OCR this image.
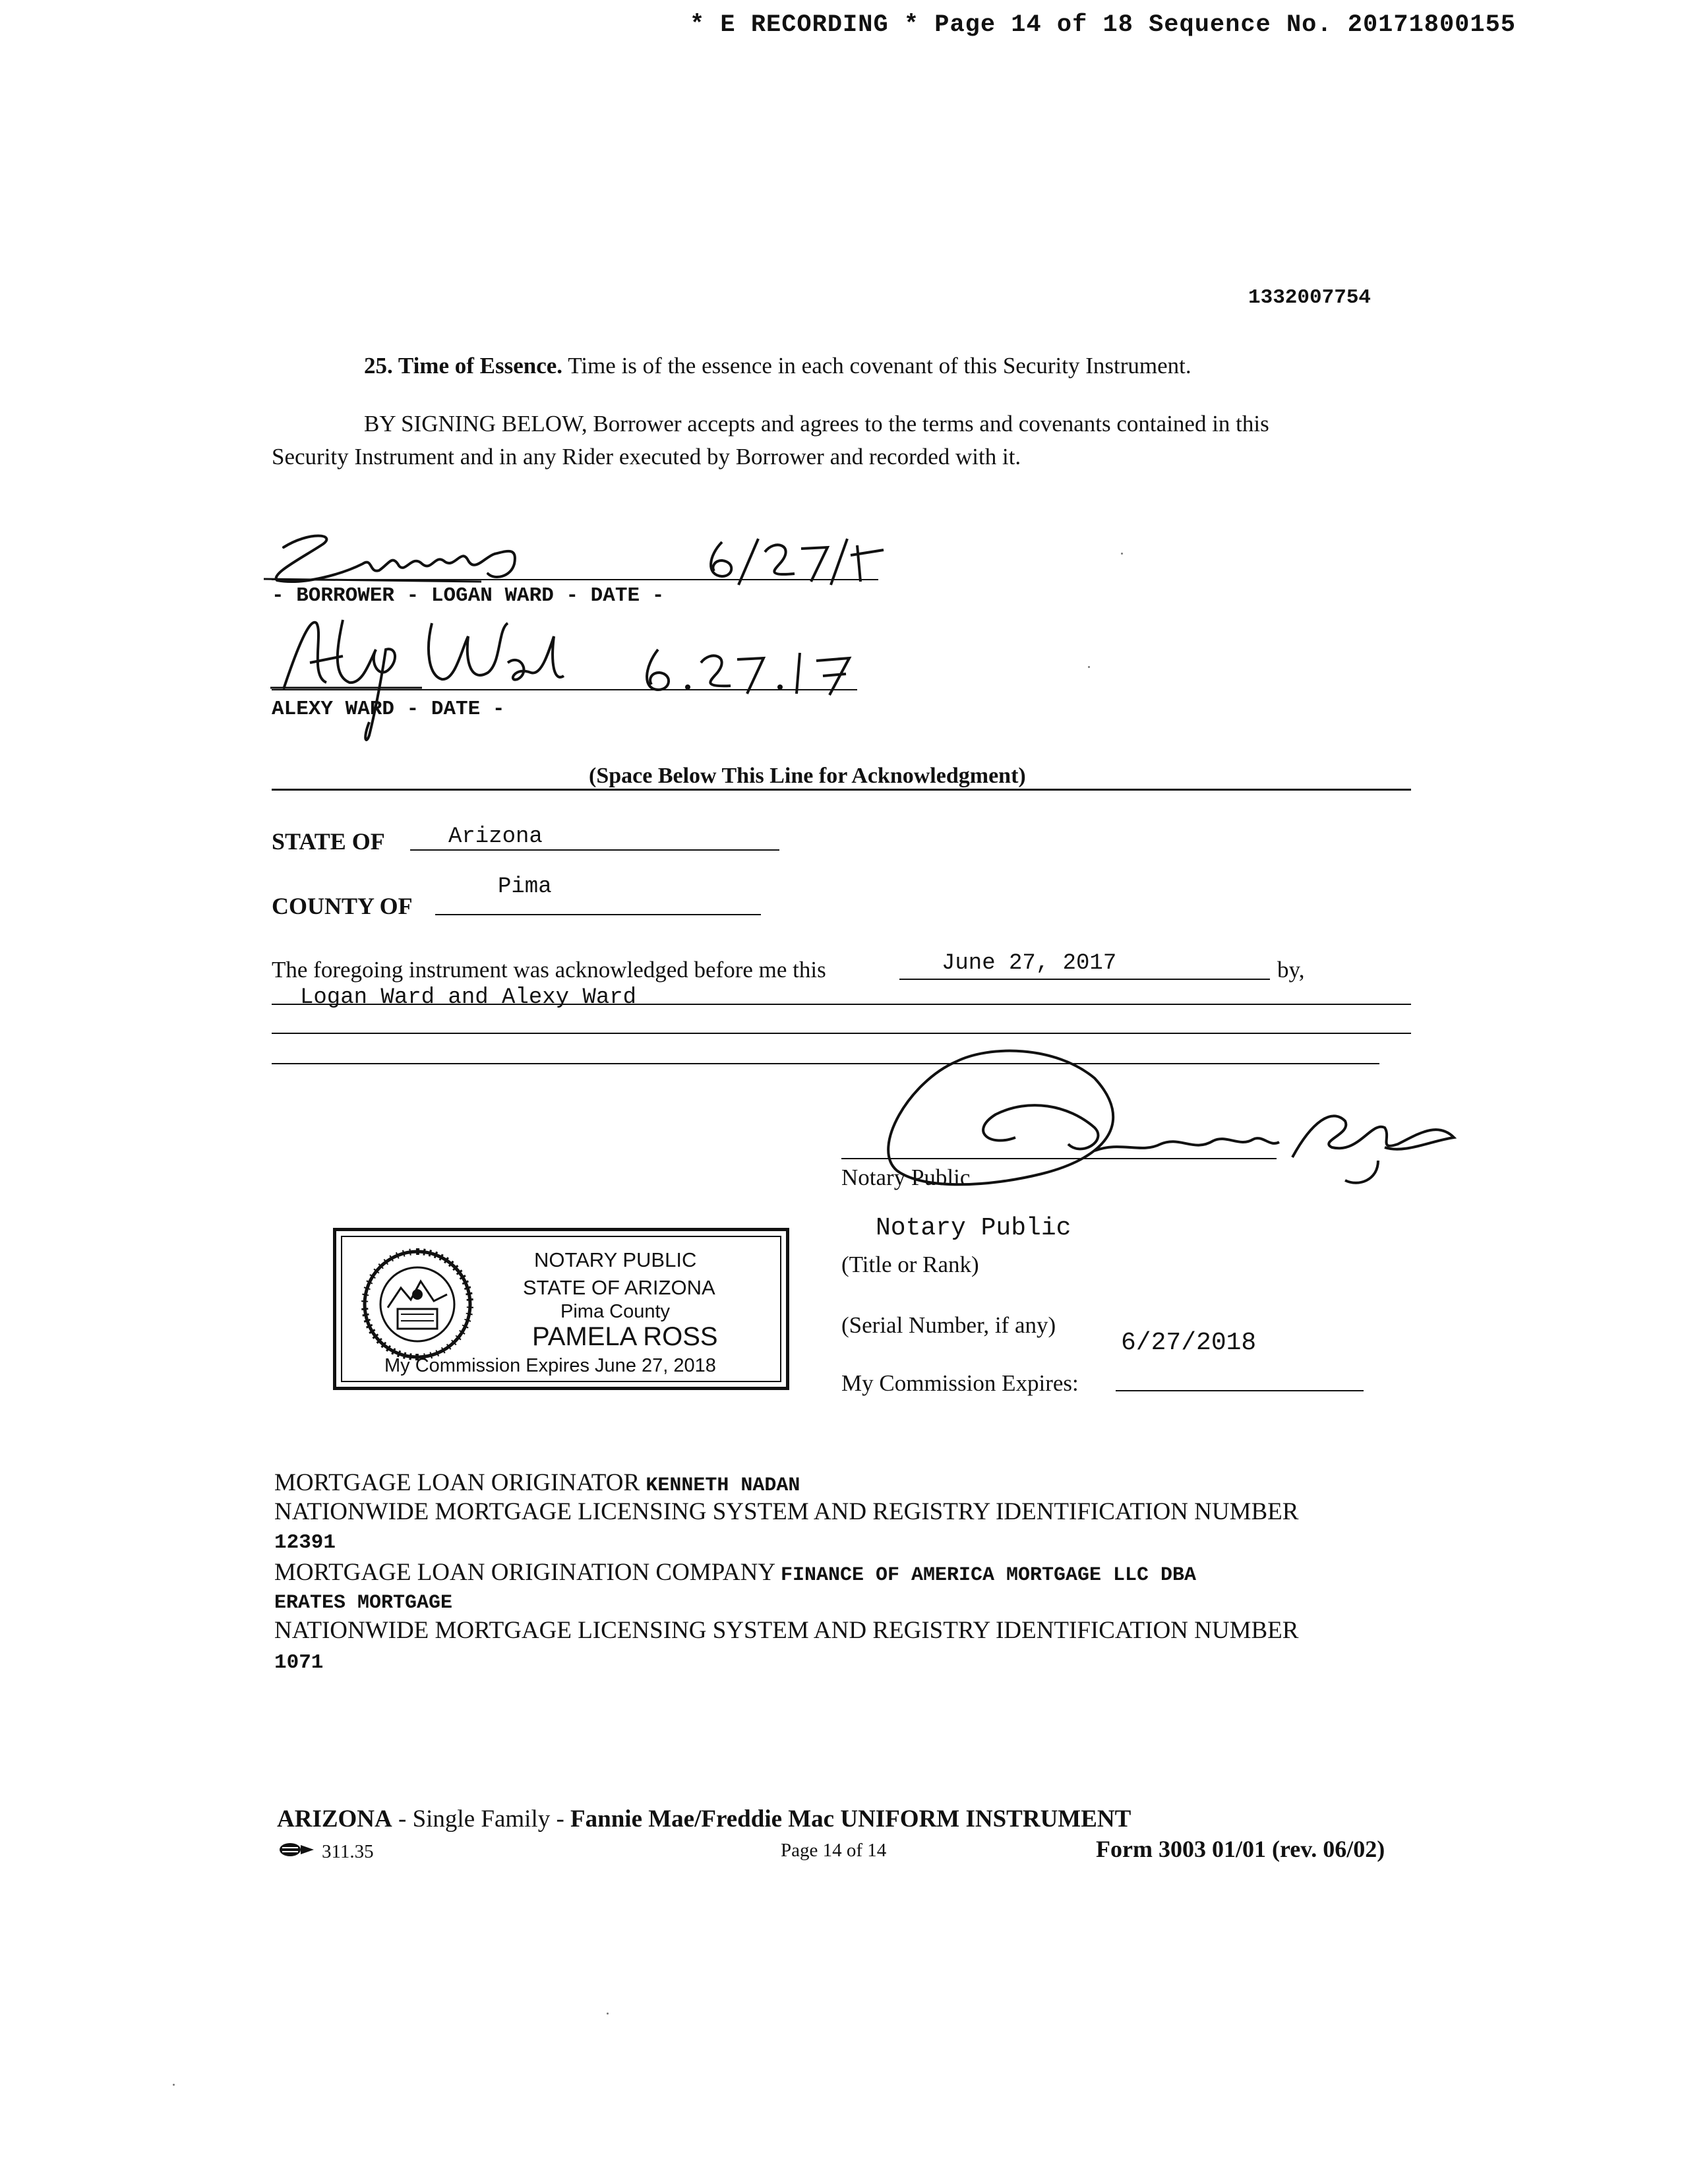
* E RECORDING * Page 14 of 18 Sequence No. 20171800155
1332007754
25. Time of Essence. Time is of the essence in each covenant of this Security Instrument.
BY SIGNING BELOW, Borrower accepts and agrees to the terms and covenants contained in this
Security Instrument and in any Rider executed by Borrower and recorded with it.
- BORROWER - LOGAN WARD - DATE -
ALEXY WARD - DATE -
(Space Below This Line for Acknowledgment)
STATE OF	Arizona
Pima
COUNTY OF
The foregoing instrument was acknowledged before me this	June 27, 2017	by,
Logan Ward and Alexy Ward
Notary Public
Notary Public
(Title or Rank)
(Serial Number, if any)
6/27/2018
My Commission Expires:
NOTARY PUBLIC
STATE OF ARIZONA
Pima County
PAMELA ROSS
My Commission Expires June 27, 2018
MORTGAGE LOAN ORIGINATOR KENNETH NADAN
NATIONWIDE MORTGAGE LICENSING SYSTEM AND REGISTRY IDENTIFICATION NUMBER
12391
MORTGAGE LOAN ORIGINATION COMPANY FINANCE OF AMERICA MORTGAGE LLC DBA
ERATES MORTGAGE
NATIONWIDE MORTGAGE LICENSING SYSTEM AND REGISTRY IDENTIFICATION NUMBER
1071
ARIZONA - Single Family - Fannie Mae/Freddie Mac UNIFORM INSTRUMENT
311.35	Page 14 of 14	Form 3003 01/01 (rev. 06/02)
